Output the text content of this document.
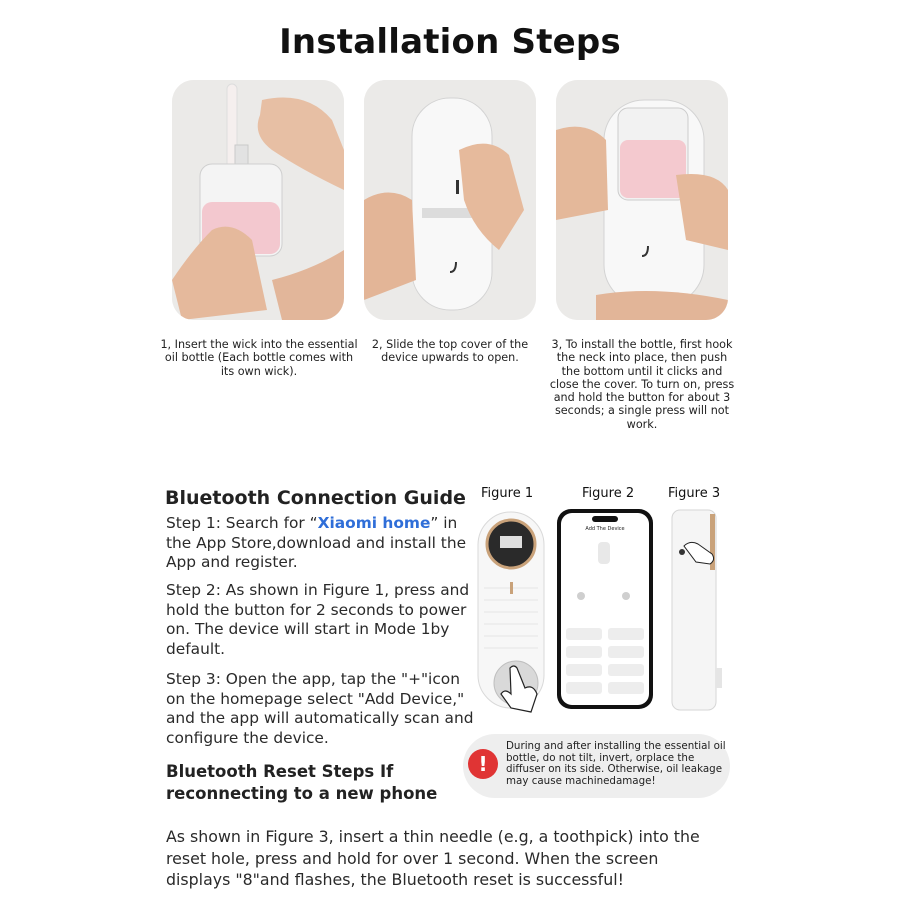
Installation Steps
1, Insert the wick into the essential oil bottle (Each bottle comes with its own wick).
2, Slide the top cover of the device upwards to open.
3, To install the bottle, first hook the neck into place, then push the bottom until it clicks and close the cover. To turn on, press and hold the button for about 3 seconds; a single press will not work.
Bluetooth Connection Guide
Step 1: Search for “Xiaomi home” in the App Store,download and install the App and register.
Step 2: As shown in Figure 1, press and hold the button for 2 seconds to power on. The device will start in Mode 1by default.
Step 3: Open the app, tap the "+"icon on the homepage select "Add Device," and the app will automatically scan and configure the device.
Bluetooth Reset Steps If reconnecting to a new phone
As shown in Figure 3, insert a thin needle (e.g, a toothpick) into the reset hole, press and hold for over 1 second. When the screen displays "8"and flashes, the Bluetooth reset is successful!
Figure 1	Figure 2	Figure 3
Add The Device
!
During and after installing the essential oil bottle, do not tilt, invert, orplace the diffuser on its side. Otherwise, oil leakage may cause machinedamage!
